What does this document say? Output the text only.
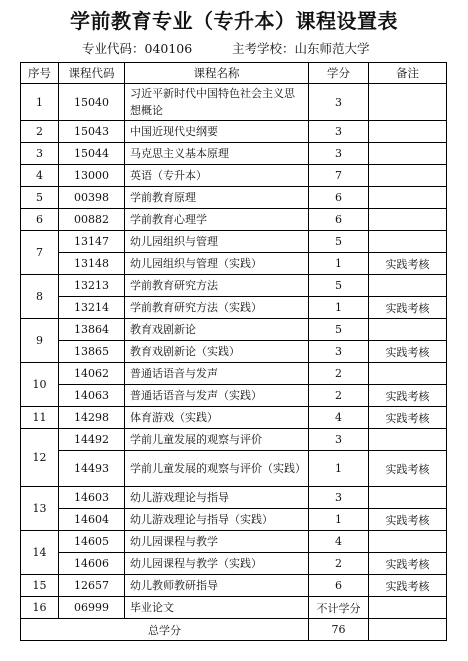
学前教育专业（专升本）课程设置表
专业代码：040106	主考学校：山东师范大学
序号	课程代码	课程名称	学分	备注
1	15040	习近平新时代中国特色社会主义思想概论	3	
2	15043	中国近现代史纲要	3	
3	15044	马克思主义基本原理	3	
4	13000	英语（专升本）	7	
5	00398	学前教育原理	6	
6	00882	学前教育心理学	6	
7	13147	幼儿园组织与管理	5	
	13148	幼儿园组织与管理（实践）	1	实践考核
8	13213	学前教育研究方法	5	
	13214	学前教育研究方法（实践）	1	实践考核
9	13864	教育戏剧新论	5	
	13865	教育戏剧新论（实践）	3	实践考核
10	14062	普通话语音与发声	2	
	14063	普通话语音与发声（实践）	2	实践考核
11	14298	体育游戏（实践）	4	实践考核
12	14492	学前儿童发展的观察与评价	3	
	14493	学前儿童发展的观察与评价（实践）	1	实践考核
13	14603	幼儿游戏理论与指导	3	
	14604	幼儿游戏理论与指导（实践）	1	实践考核
14	14605	幼儿园课程与教学	4	
	14606	幼儿园课程与教学（实践）	2	实践考核
15	12657	幼儿教师教研指导	6	实践考核
16	06999	毕业论文	不计学分	
总学分			76	
